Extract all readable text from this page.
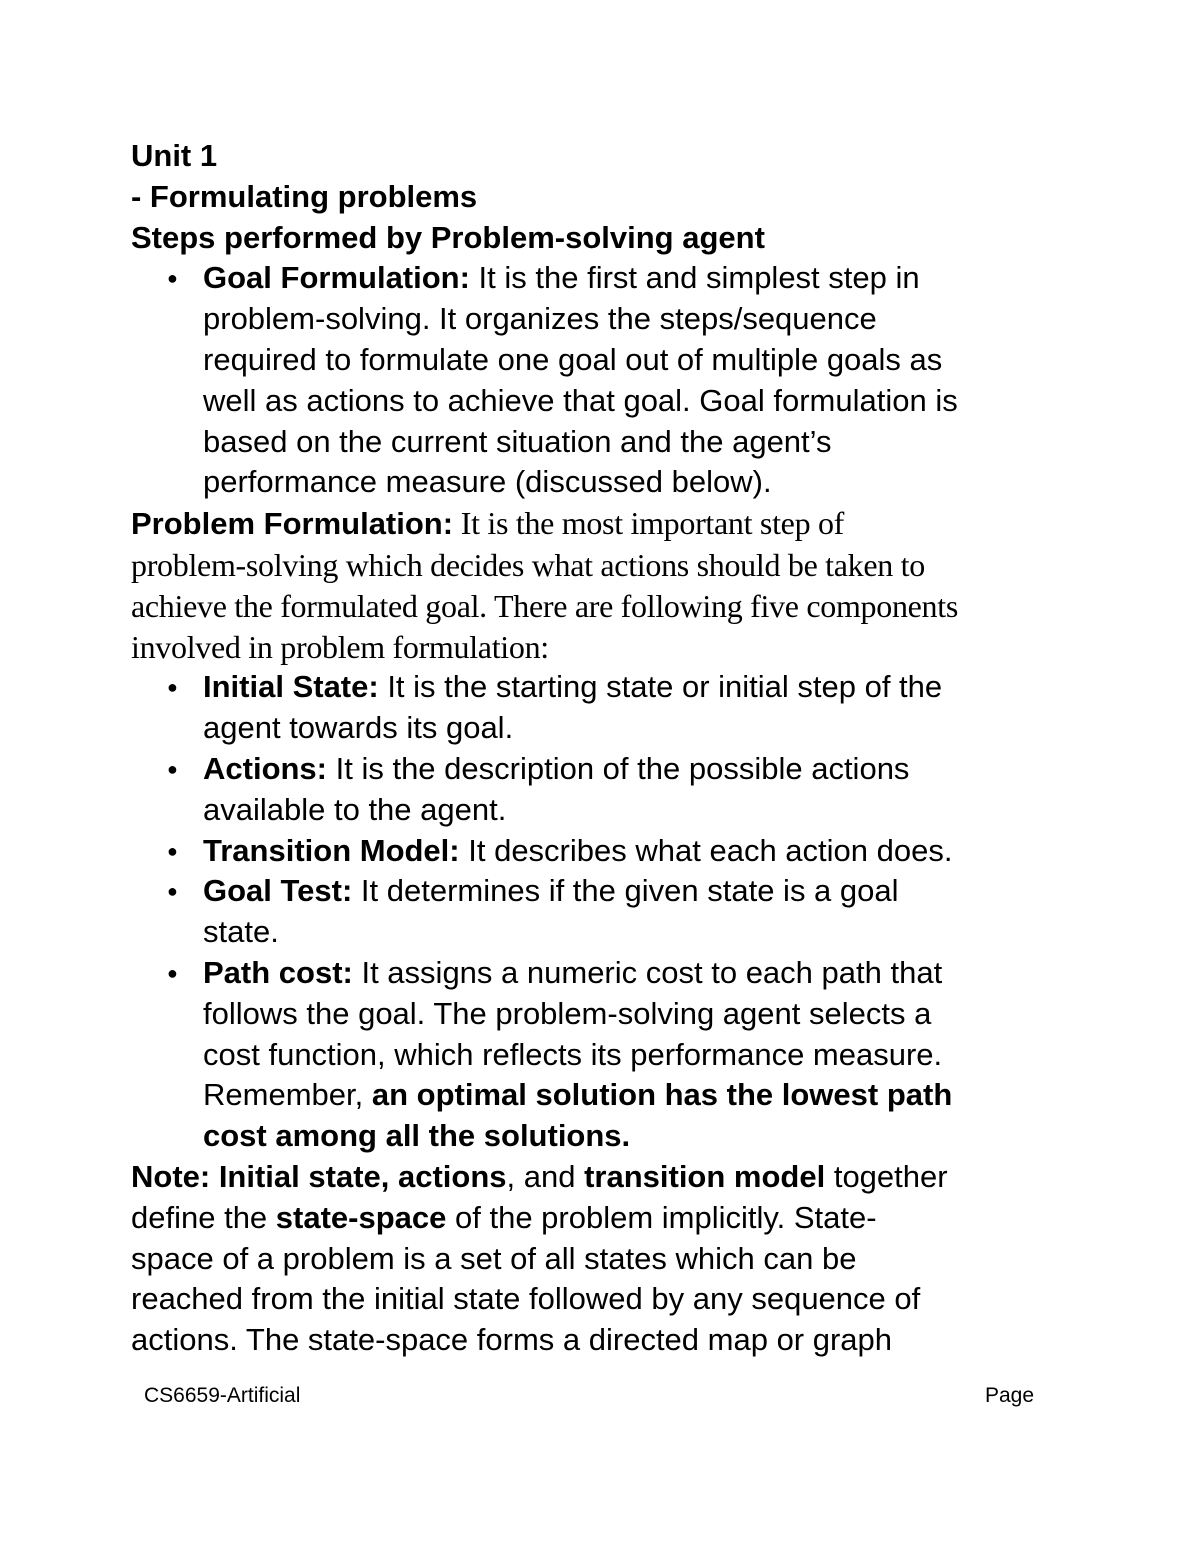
Unit 1
- Formulating problems
Steps performed by Problem-solving agent
● Goal Formulation: It is the first and simplest step in
problem-solving. It organizes the steps/sequence
required to formulate one goal out of multiple goals as
well as actions to achieve that goal. Goal formulation is
based on the current situation and the agent’s
performance measure (discussed below).
Problem Formulation: It is the most important step of
problem-solving which decides what actions should be taken to
achieve the formulated goal. There are following five components
involved in problem formulation:
● Initial State: It is the starting state or initial step of the
agent towards its goal.
● Actions: It is the description of the possible actions
available to the agent.
● Transition Model: It describes what each action does.
● Goal Test: It determines if the given state is a goal
state.
● Path cost: It assigns a numeric cost to each path that
follows the goal. The problem-solving agent selects a
cost function, which reflects its performance measure.
Remember, an optimal solution has the lowest path
cost among all the solutions.
Note: Initial state, actions, and transition model together
define the state-space of the problem implicitly. State-
space of a problem is a set of all states which can be
reached from the initial state followed by any sequence of
actions. The state-space forms a directed map or graph
CS6659-Artificial	Page
